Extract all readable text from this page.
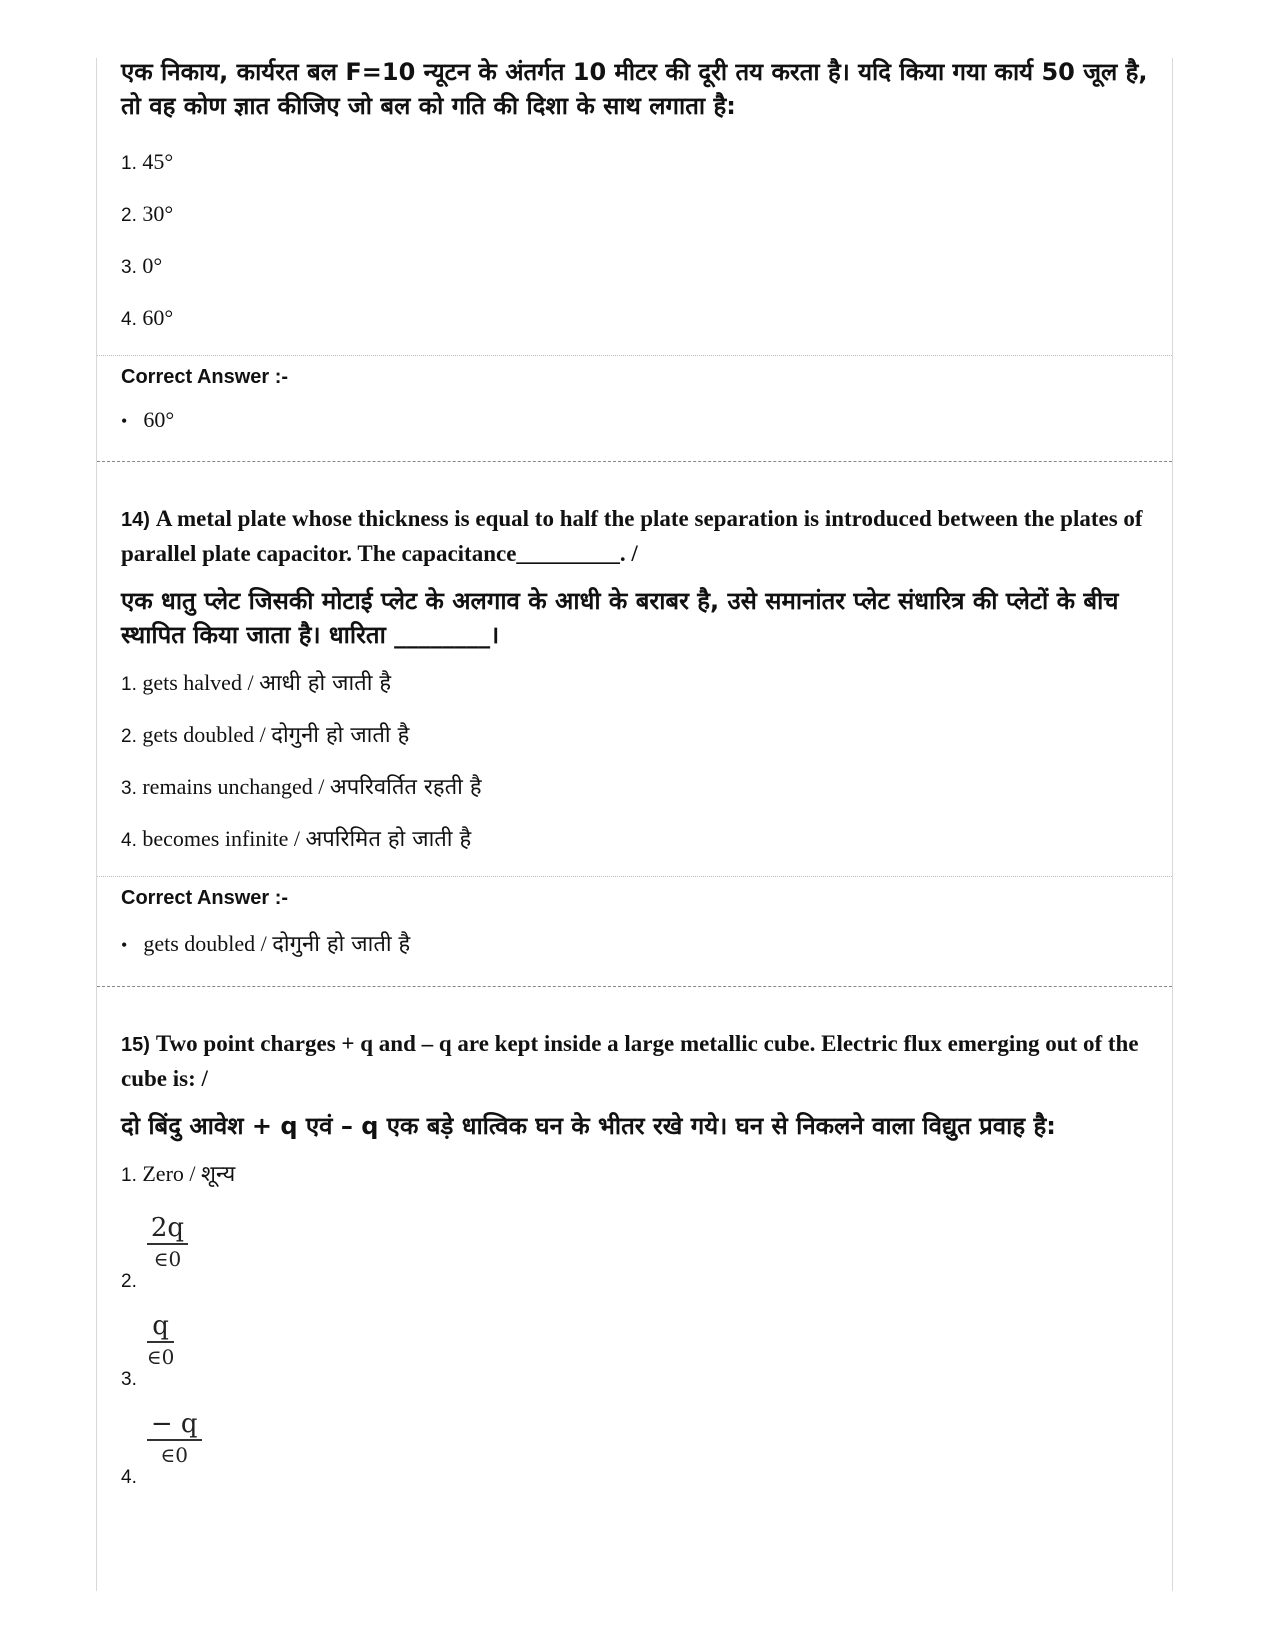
एक निकाय, कार्यरत बल F=10 न्यूटन के अंतर्गत 10 मीटर की दूरी तय करता है। यदि किया गया कार्य 50 जूल है, तो वह कोण ज्ञात कीजिए जो बल को गति की दिशा के साथ लगाता है:

1. 45°

2. 30°

3. 0°

4. 60°

Correct Answer :-

• 60°

14) A metal plate whose thickness is equal to half the plate separation is introduced between the plates of parallel plate capacitor. The capacitance_________. /

एक धातु प्लेट जिसकी मोटाई प्लेट के अलगाव के आधी के बराबर है, उसे समानांतर प्लेट संधारित्र की प्लेटों के बीच स्थापित किया जाता है। धारिता ________।

1. gets halved / आधी हो जाती है

2. gets doubled / दोगुनी हो जाती है

3. remains unchanged / अपरिवर्तित रहती है

4. becomes infinite / अपरिमित हो जाती है

Correct Answer :-

• gets doubled / दोगुनी हो जाती है

15) Two point charges + q and – q are kept inside a large metallic cube. Electric flux emerging out of the cube is: /

दो बिंदु आवेश + q एवं – q एक बड़े धात्विक घन के भीतर रखे गये। घन से निकलने वाला विद्युत प्रवाह है:

1. Zero / शून्य

2.
$\frac{2q}{\in 0}$
3.
$\frac{q}{\in 0}$
4.
$\frac{- q}{\in 0}$
